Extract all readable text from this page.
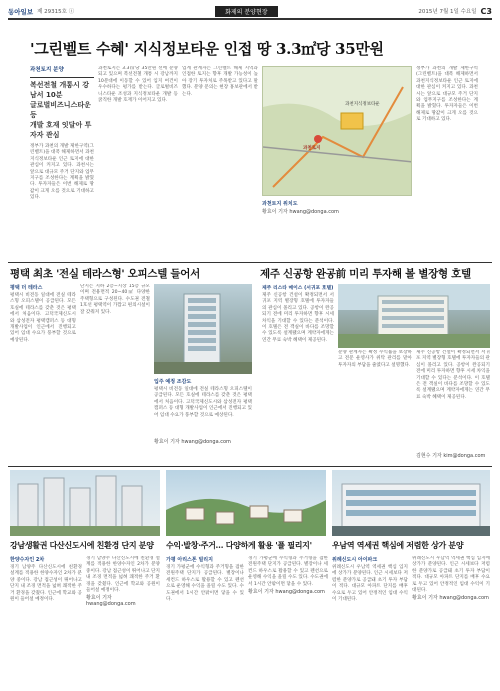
동아일보 제 29315호 ⓘ	화제의 분양현장	2015년 7월 1일 수요일 C3
'그린벨트 수혜' 지식정보타운 인접 땅 3.3㎡당 35만원
과천토지 분양
복선전철 개통시 강남서 10분
글로벌비즈니스타운 등
개발 호재 잇달아 투자자 관심
정부가 과천의 개발 제한구역(그린벨트)을 대폭 해제하면서 과천지식정보타운 인근 토지에 대한 관심이 커지고 있다. 과천시는 앞으로 대규모 주거 단지와 업무지구를 조성한다는 계획을 밝혔다. 투자자들은 이번 해제로 땅값이 크게 오를 것으로 기대하고 있다.
과천토지는 3.3㎡당 35만원 선에 분양되고 있으며 복선전철 개통 시 강남까지 10분대에 이동할 수 있어 입지 여건이 우수하다는 평가를 받는다. 글로벌비즈니스타운 조성과 지식정보타운 개발 등 굵직한 개발 호재가 이어지고 있다.
업계 관계자는 그린벨트 해제 지역과 인접한 토지는 향후 개발 가능성이 높아 장기 투자처로 주목받고 있다고 말했다. 분양 문의는 현장 홍보관에서 받는다.
과천지식정보타운
과천토지
과천토지 위치도
황효이 기자 hwang@donga.com
정부가 과천의 개발 제한구역(그린벨트)을 대폭 해제하면서 과천지식정보타운 인근 토지에 대한 관심이 커지고 있다. 과천시는 앞으로 대규모 주거 단지와 업무지구를 조성한다는 계획을 밝혔다. 투자자들은 이번 해제로 땅값이 크게 오를 것으로 기대하고 있다.
평택 최초 '전실 테라스형' 오피스텔 들어서
평택 더 테라스
평택시 비전동 일대에 전실 테라스형 오피스텔이 공급된다. 모든 호실에 테라스를 갖춘 것은 평택에서 처음이다. 고덕국제신도시와 삼성전자 평택캠퍼스 등 대형 개발사업이 인근에서 진행되고 있어 임대 수요가 풍부할 것으로 예상된다.
단지는 지하 2층∼지상 15층 규모이며 전용면적 20∼40㎡ 다양한 주택형으로 구성된다. 수도권 전철 1호선 평택역이 가깝고 편의시설이 잘 갖춰져 있다.
입주 예정 조감도
평택시 비전동 일대에 전실 테라스형 오피스텔이 공급된다. 모든 호실에 테라스를 갖춘 것은 평택에서 처음이다. 고덕국제신도시와 삼성전자 평택캠퍼스 등 대형 개발사업이 인근에서 진행되고 있어 임대 수요가 풍부할 것으로 예상된다.
황효이 기자 hwang@donga.com
제주 신공항 완공前 미리 투자해 볼 별장형 호텔
제주 리스타 메이스 (서귀포 호텔)
제주 신공항 건설이 확정되면서 서귀포 지역 별장형 호텔에 투자자들의 관심이 몰리고 있다. 공항이 완공되기 전에 미리 투자하면 향후 시세 차익을 기대할 수 있다는 분석이다. 이 호텔은 전 객실이 바다를 조망할 수 있도록 설계됐으며 계약자에게는 연간 무료 숙박 혜택이 제공된다.
분양 관계자는 확정 수익률을 보장하고 전문 운영사가 위탁 관리를 맡아 투자자의 부담을 줄였다고 설명했다.
제주 신공항 건설이 확정되면서 서귀포 지역 별장형 호텔에 투자자들의 관심이 몰리고 있다. 공항이 완공되기 전에 미리 투자하면 향후 시세 차익을 기대할 수 있다는 분석이다. 이 호텔은 전 객실이 바다를 조망할 수 있도록 설계됐으며 계약자에게는 연간 무료 숙박 혜택이 제공된다.
김현수 기자 kim@donga.com
강남생활권 다산신도시에 친환경 단지 분양
한양수자인 2차
경기 남양주 다산신도시에 친환경 설계를 적용한 한양수자인 2차가 분양 중이다. 강남 접근성이 뛰어나고 단지 내 조경 면적을 넓혀 쾌적한 주거 환경을 갖췄다. 인근에 학교와 공원이 들어설 예정이다.
경기 남양주 다산신도시에 친환경 설계를 적용한 한양수자인 2차가 분양 중이다. 강남 접근성이 뛰어나고 단지 내 조경 면적을 넓혀 쾌적한 주거 환경을 갖췄다. 인근에 학교와 공원이 들어설 예정이다.
황효이 기자 hwang@donga.com
수익·발창·주거… 다양하게 활용 '플 필리지'
가평 아리스톤 빌리지
경기 가평군에 수익형과 주거형을 겸한 전원주택 단지가 공급된다. 별장이나 세컨드 하우스로 활용할 수 있고 펜션으로 운영해 수익을 올릴 수도 있다. 수도권에서 1시간 안팎이면 닿을 수 있다.
경기 가평군에 수익형과 주거형을 겸한 전원주택 단지가 공급된다. 별장이나 세컨드 하우스로 활용할 수 있고 펜션으로 운영해 수익을 올릴 수도 있다. 수도권에서 1시간 안팎이면 닿을 수 있다.
황효이 기자 hwang@donga.com
우남역 역세권 핵심에 저렴한 상가 분양
위례신도시 아이파크
위례신도시 우남역 역세권 핵심 입지에 상가가 분양된다. 인근 시세보다 저렴한 분양가로 공급돼 초기 투자 부담이 적다. 대규모 아파트 단지를 배후 수요로 두고 있어 안정적인 임대 수익이 기대된다.
위례신도시 우남역 역세권 핵심 입지에 상가가 분양된다. 인근 시세보다 저렴한 분양가로 공급돼 초기 투자 부담이 적다. 대규모 아파트 단지를 배후 수요로 두고 있어 안정적인 임대 수익이 기대된다.
황효이 기자 hwang@donga.com
